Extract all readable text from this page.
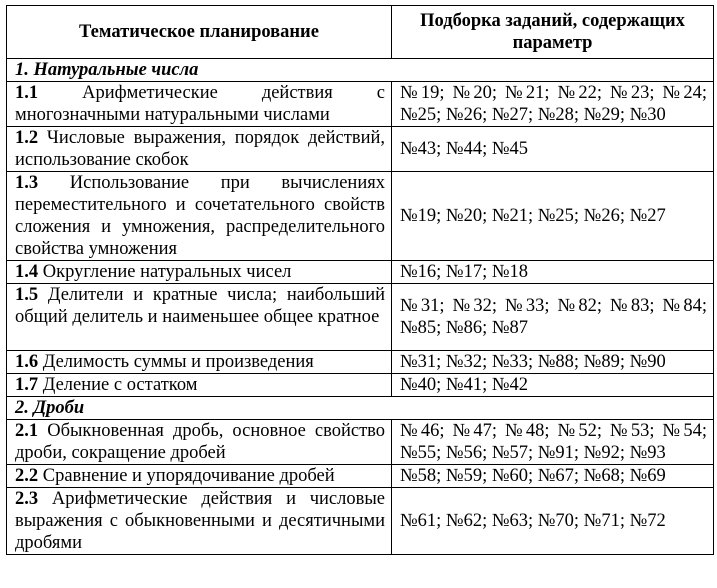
Тематическое планирование	Подборка заданий, содержащих параметр
1. Натуральные числа	
1.1 Арифметические действия с многозначными натуральными числами	№19; №20; №21; №22; №23; №24; №25; №26; №27; №28; №29; №30
1.2 Числовые выражения, порядок действий, использование скобок	№43; №44; №45
1.3 Использование при вычислениях переместительного и сочетательного свойств сложения и умножения, распределительного свойства умножения	№19; №20; №21; №25; №26; №27
1.4 Округление натуральных чисел	№16; №17; №18
1.5 Делители и кратные числа; наибольший общий делитель и наименьшее общее кратное	№31; №32; №33; №82; №83; №84; №85; №86; №87
1.6 Делимость суммы и произведения	№31; №32; №33; №88; №89; №90
1.7 Деление с остатком	№40; №41; №42
2. Дроби	
2.1 Обыкновенная дробь, основное свойство дроби, сокращение дробей	№46; №47; №48; №52; №53; №54; №55; №56; №57; №91; №92; №93
2.2 Сравнение и упорядочивание дробей	№58; №59; №60; №67; №68; №69
2.3 Арифметические действия и числовые выражения с обыкновенными и десятичными дробями	№61; №62; №63; №70; №71; №72
